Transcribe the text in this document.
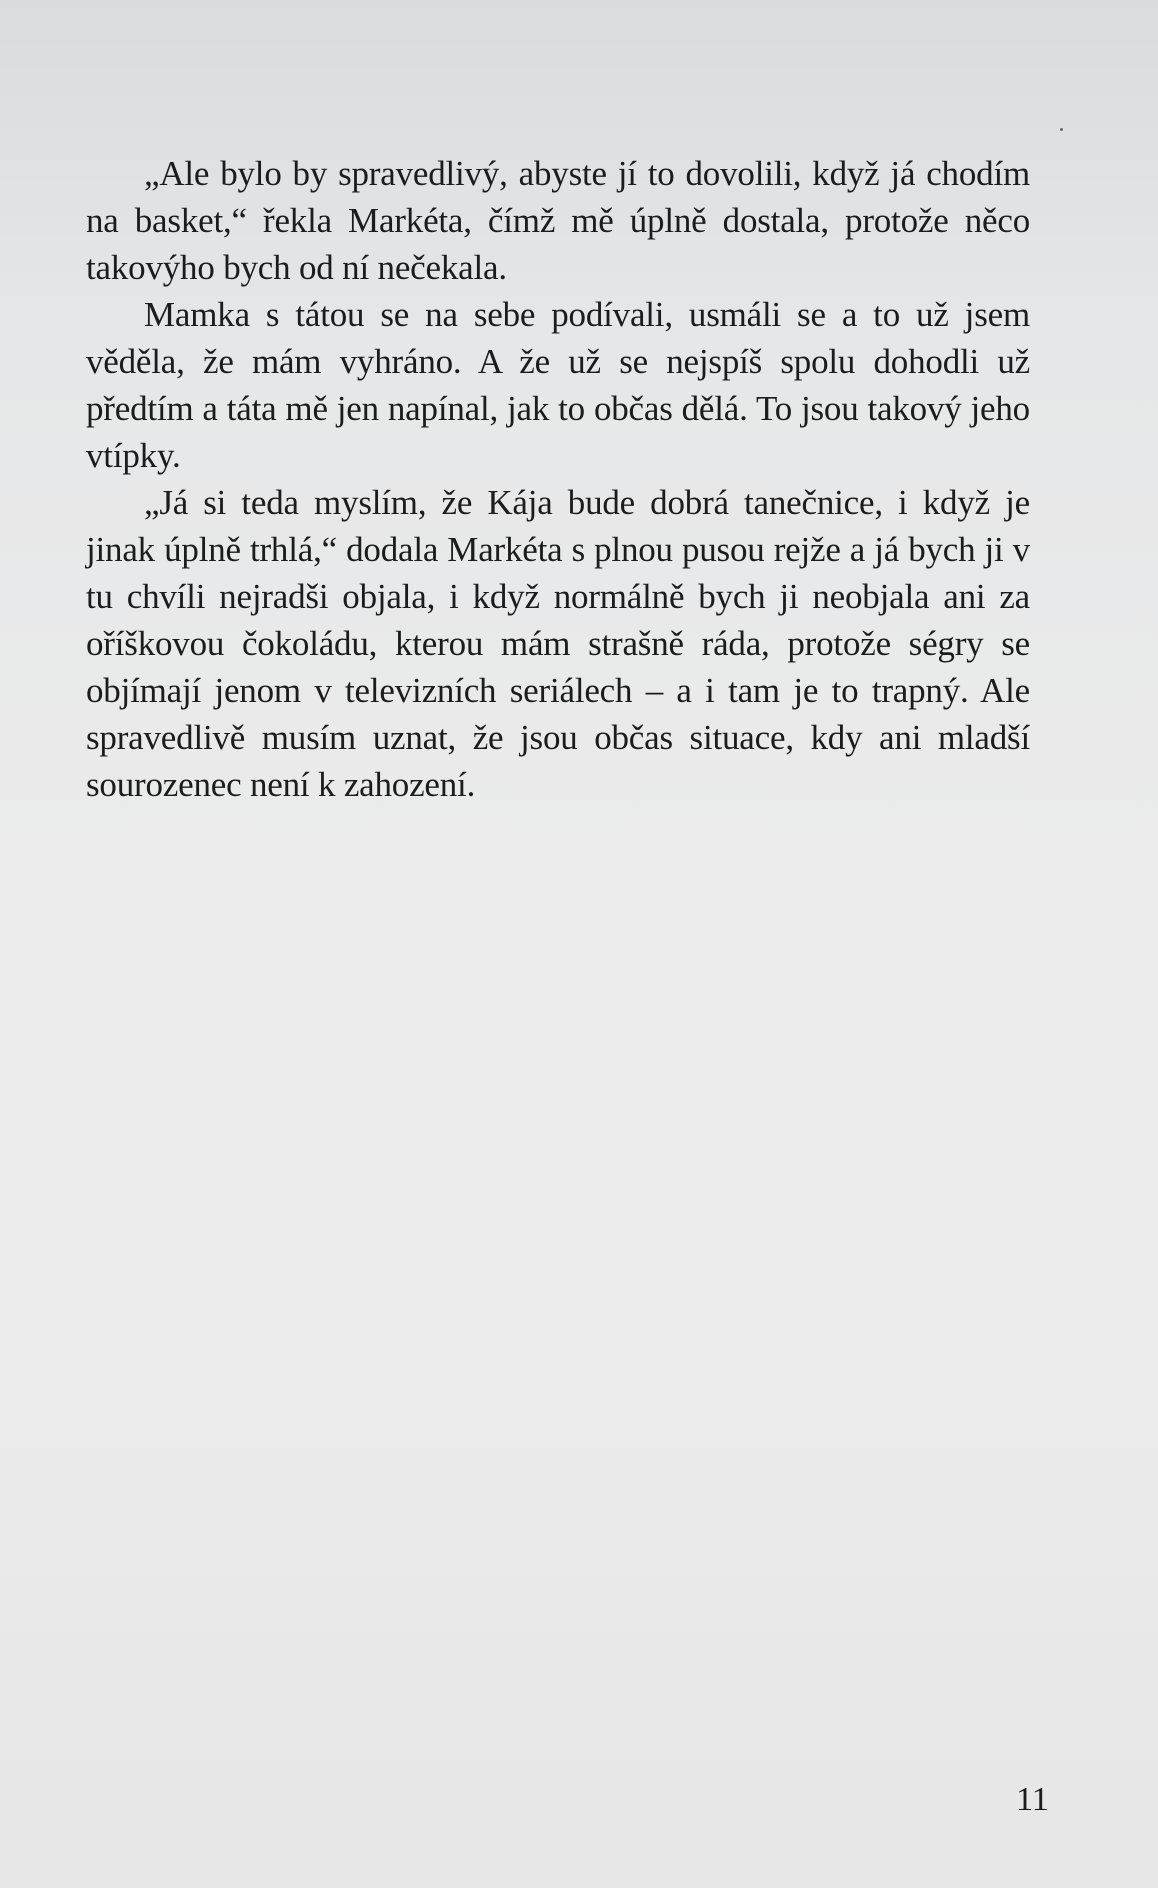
„Ale bylo by spravedlivý, abyste jí to dovolili, když já chodím na basket,“ řekla Markéta, čímž mě úplně dostala, protože něco takovýho bych od ní nečekala.

Mamka s tátou se na sebe podívali, usmáli se a to už jsem věděla, že mám vyhráno. A že už se nejspíš spolu dohodli už předtím a táta mě jen napínal, jak to občas dělá. To jsou takový jeho vtípky.

„Já si teda myslím, že Kája bude dobrá tanečnice, i když je jinak úplně trhlá,“ dodala Markéta s plnou pusou rejže a já bych ji v tu chvíli nejradši objala, i když normálně bych ji neobjala ani za oříškovou čokoládu, kterou mám strašně ráda, protože ségry se objímají jenom v televizních seriálech – a i tam je to trapný. Ale spravedlivě musím uznat, že jsou občas situace, kdy ani mladší sourozenec není k zahození.

11
